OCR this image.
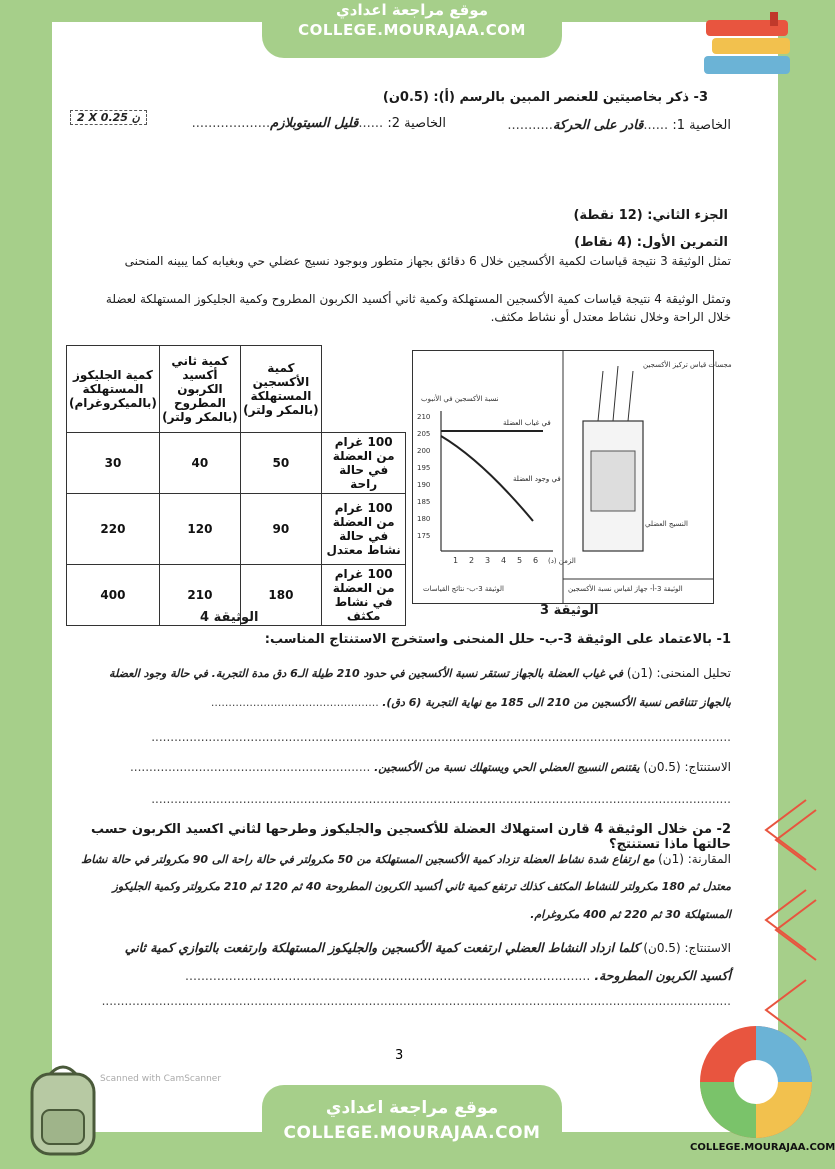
موقع مراجعة اعدادي
COLLEGE.MOURAJAA.COM
3- ذكر بخاصيتين للعنصر المبين بالرسم (أ): (0.5ن)
الخاصية 1: ......قادر على الحركة...........
الخاصية 2: ......قليل السيتوبلازم...................
2 X ن 0.25
الجزء الثاني: (12 نقطة)
التمرين الأول: (4 نقاط)
تمثل الوثيقة 3 نتيجة قياسات لكمية الأكسجين خلال 6 دقائق بجهاز متطور وبوجود نسيج عضلي حي وبغيابه كما يبينه المنحنى
وتمثل الوثيقة 4 نتيجة قياسات كمية الأكسجين المستهلكة وكمية ثاني أكسيد الكربون المطروح وكمية الجليكوز المستهلكة لعضلة خلال الراحة وخلال نشاط معتدل أو نشاط مكثف.
	كمية الأكسجين المستهلكة (بالمكر ولتر)	كمية ثاني أكسيد الكربون المطروح (بالمكر ولتر)	كمية الجليكوز المستهلكة (بالميكروغرام)
100 غرام من العضلة في حالة راحة	50	40	30
100 غرام من العضلة في حالة نشاط معتدل	90	120	220
100 غرام من العضلة في نشاط مكثف	180	210	400
الوثيقة 4
210
205
200
195
190
185
180
175
1 2 3 4 5 6 الزمن (د)
نسبة الأكسجين في الأنبوب
في غياب العضلة
في وجود العضلة
مجسات قياس تركيز الأكسجين
النسيج العضلي
الوثيقة 3-ب- نتائج القياسات	الوثيقة 3-أ- جهاز لقياس نسبة الأكسجين
الوثيقة 3
1- بالاعتماد على الوثيقة 3-ب- حلل المنحنى واستخرج الاستنتاج المناسب:
تحليل المنحنى: (1ن) في غياب العضلة بالجهاز تستقر نسبة الأكسجين في حدود 210 طيلة الـ6 دق مدة التجربة. في حالة وجود العضلة
بالجهاز تتناقص نسبة الأكسجين من 210 الى 185 مع نهاية التجربة (6 دق). ................................................
........................................................................................................................................................
الاستنتاج: (0.5ن) يقتنص النسيج العضلي الحي ويستهلك نسبة من الأكسجين. ...............................................................
........................................................................................................................................................
2- من خلال الوثيقة 4 قارن استهلاك العضلة للأكسجين والجليكوز وطرحها لثاني اكسيد الكربون حسب حالتها ماذا تستنتج؟
المقارنة: (1ن) مع ارتفاع شدة نشاط العضلة تزداد كمية الأكسجين المستهلكة من 50 مكرولتر في حالة راحة الى 90 مكرولتر في حالة نشاط
معتدل ثم 180 مكرولتر للنشاط المكثف كذلك ترتفع كمية ثاني أكسيد الكربون المطروحة 40 ثم 120 ثم 210 مكرولتر وكمية الجليكوز
المستهلكة 30 ثم 220 ثم 400 مكروغرام.
الاستنتاج: (0.5ن) كلما ازداد النشاط العضلي ارتفعت كمية الأكسجين والجليكوز المستهلكة وارتفعت بالتوازي كمية ثاني
أكسيد الكربون المطروحة. ......................................................................................................
.....................................................................................................................................................................
3
Scanned with CamScanner
COLLEGE.MOURAJAA.COM
موقع مراجعة اعدادي
COLLEGE.MOURAJAA.COM
